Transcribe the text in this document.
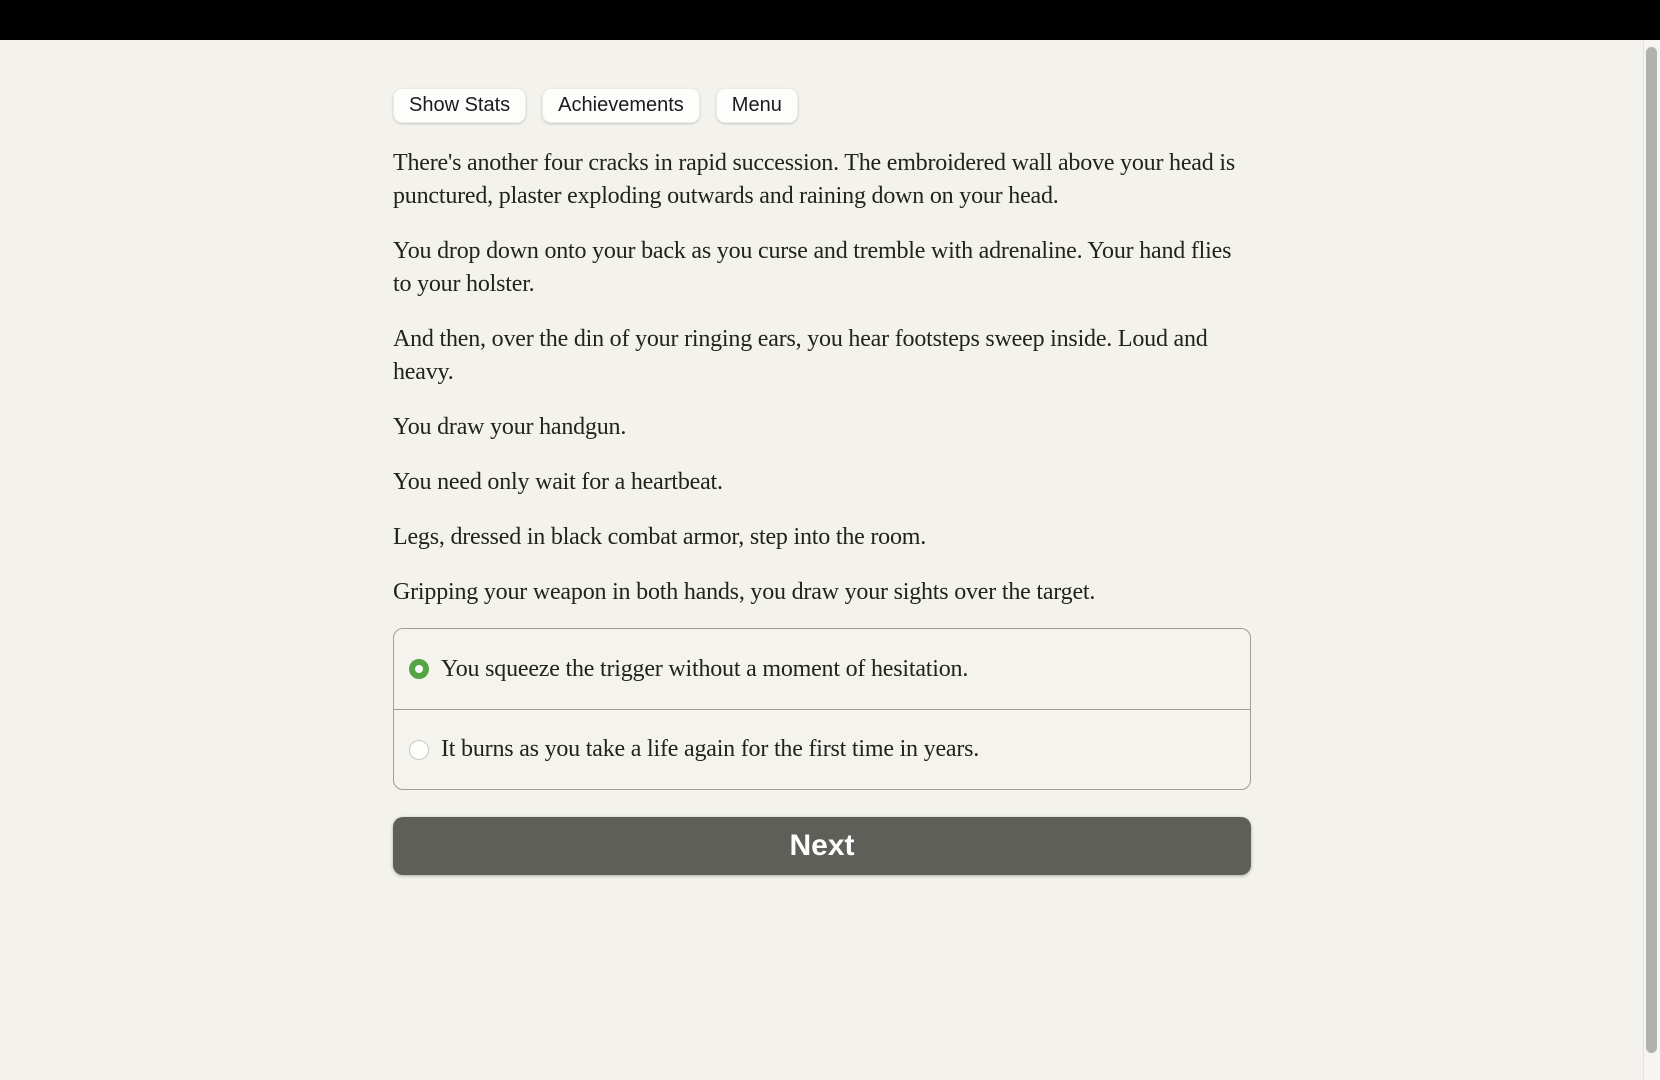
Show Stats	Achievements	Menu

There's another four cracks in rapid succession. The embroidered wall above your head is punctured, plaster exploding outwards and raining down on your head.

You drop down onto your back as you curse and tremble with adrenaline. Your hand flies to your holster.

And then, over the din of your ringing ears, you hear footsteps sweep inside. Loud and heavy.

You draw your handgun.

You need only wait for a heartbeat.

Legs, dressed in black combat armor, step into the room.

Gripping your weapon in both hands, you draw your sights over the target.

You squeeze the trigger without a moment of hesitation.
It burns as you take a life again for the first time in years.
Next
